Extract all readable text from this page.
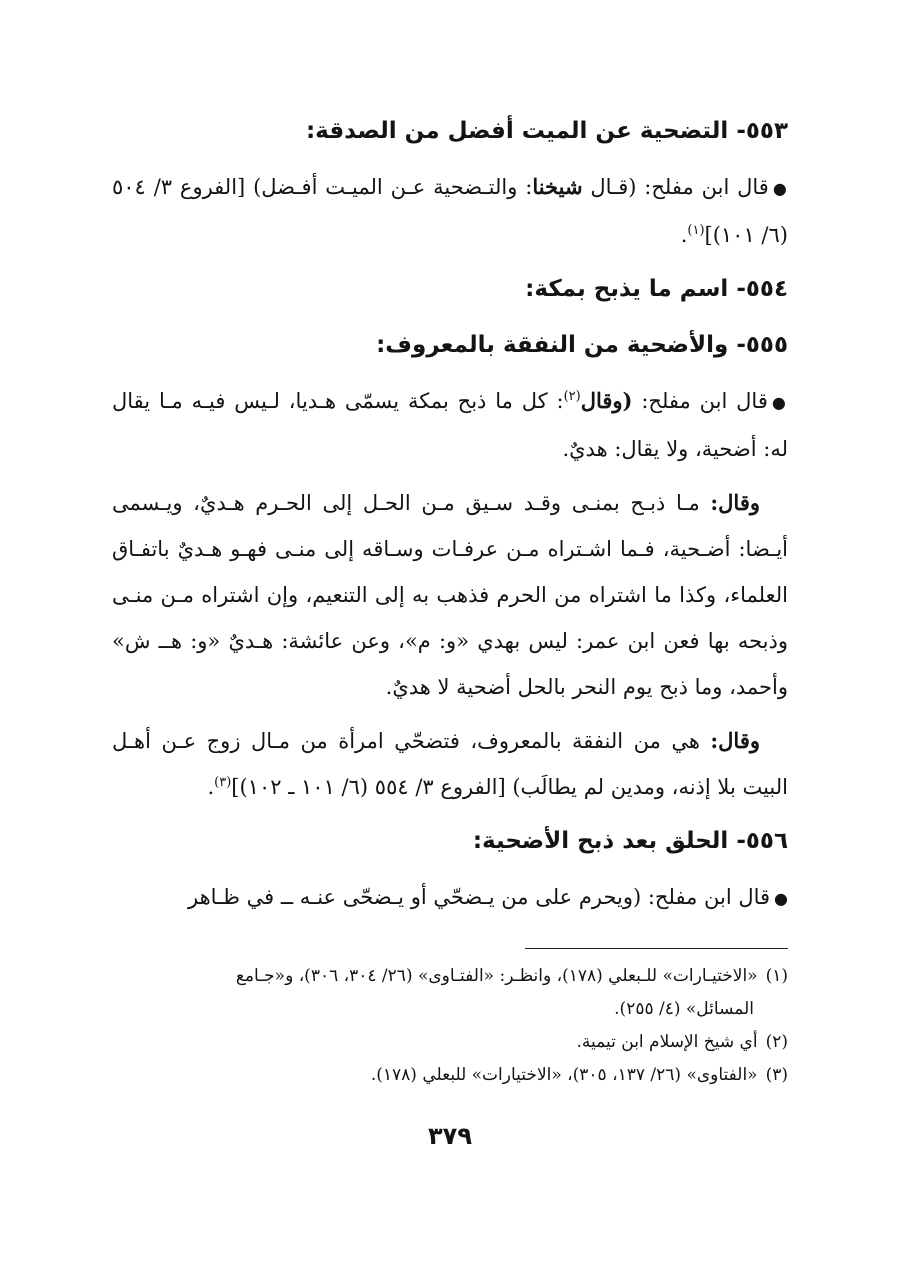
٥٥٣- التضحية عن الميت أفضل من الصدقة:

●قال ابن مفلح: (قـال شيخنا: والتـضحية عـن الميـت أفـضل) [الفروع ٣/ ٥٠٤ (٦/ ١٠١)]$^{(١)}$.

٥٥٤- اسم ما يذبح بمكة:
٥٥٥- والأضحية من النفقة بالمعروف:

●قال ابن مفلح: (وقال$^{(٢)}$: كل ما ذبح بمكة يسمّى هـديا، لـيس فيـه مـا يقال له: أضحية، ولا يقال: هديٌ.

وقال: مـا ذبـح بمنـى وقـد سـيق مـن الحـل إلى الحـرم هـديٌ، ويـسمى أيـضا: أضـحية، فـما اشـتراه مـن عرفـات وسـاقه إلى منـى فهـو هـديٌ باتفـاق العلماء، وكذا ما اشتراه من الحرم فذهب به إلى التنعيم، وإن اشتراه مـن منـى وذبحه بها فعن ابن عمر: ليس بهدي «و: م»، وعن عائشة: هـديٌ «و: هــ ش» وأحمد، وما ذبح يوم النحر بالحل أضحية لا هديٌ.

وقال: هي من النفقة بالمعروف، فتضحّي امرأة من مـال زوج عـن أهـل البيت بلا إذنه، ومدين لم يطالَب) [الفروع ٣/ ٥٥٤ (٦/ ١٠١ ـ ١٠٢)]$^{(٣)}$.

٥٥٦- الحلق بعد ذبح الأضحية:

●قال ابن مفلح: (ويحرم على من يـضحّي أو يـضحّى عنـه ــ في ظـاهر

(١)«الاختيـارات» للـبعلي (١٧٨)، وانظـر: «الفتـاوى» (٢٦/ ٣٠٤، ٣٠٦)، و«جـامع

المسائل» (٤/ ٢٥٥).

(٢)أي شيخ الإسلام ابن تيمية.

(٣)«الفتاوى» (٢٦/ ١٣٧، ٣٠٥)، «الاختيارات» للبعلي (١٧٨).

٣٧٩
